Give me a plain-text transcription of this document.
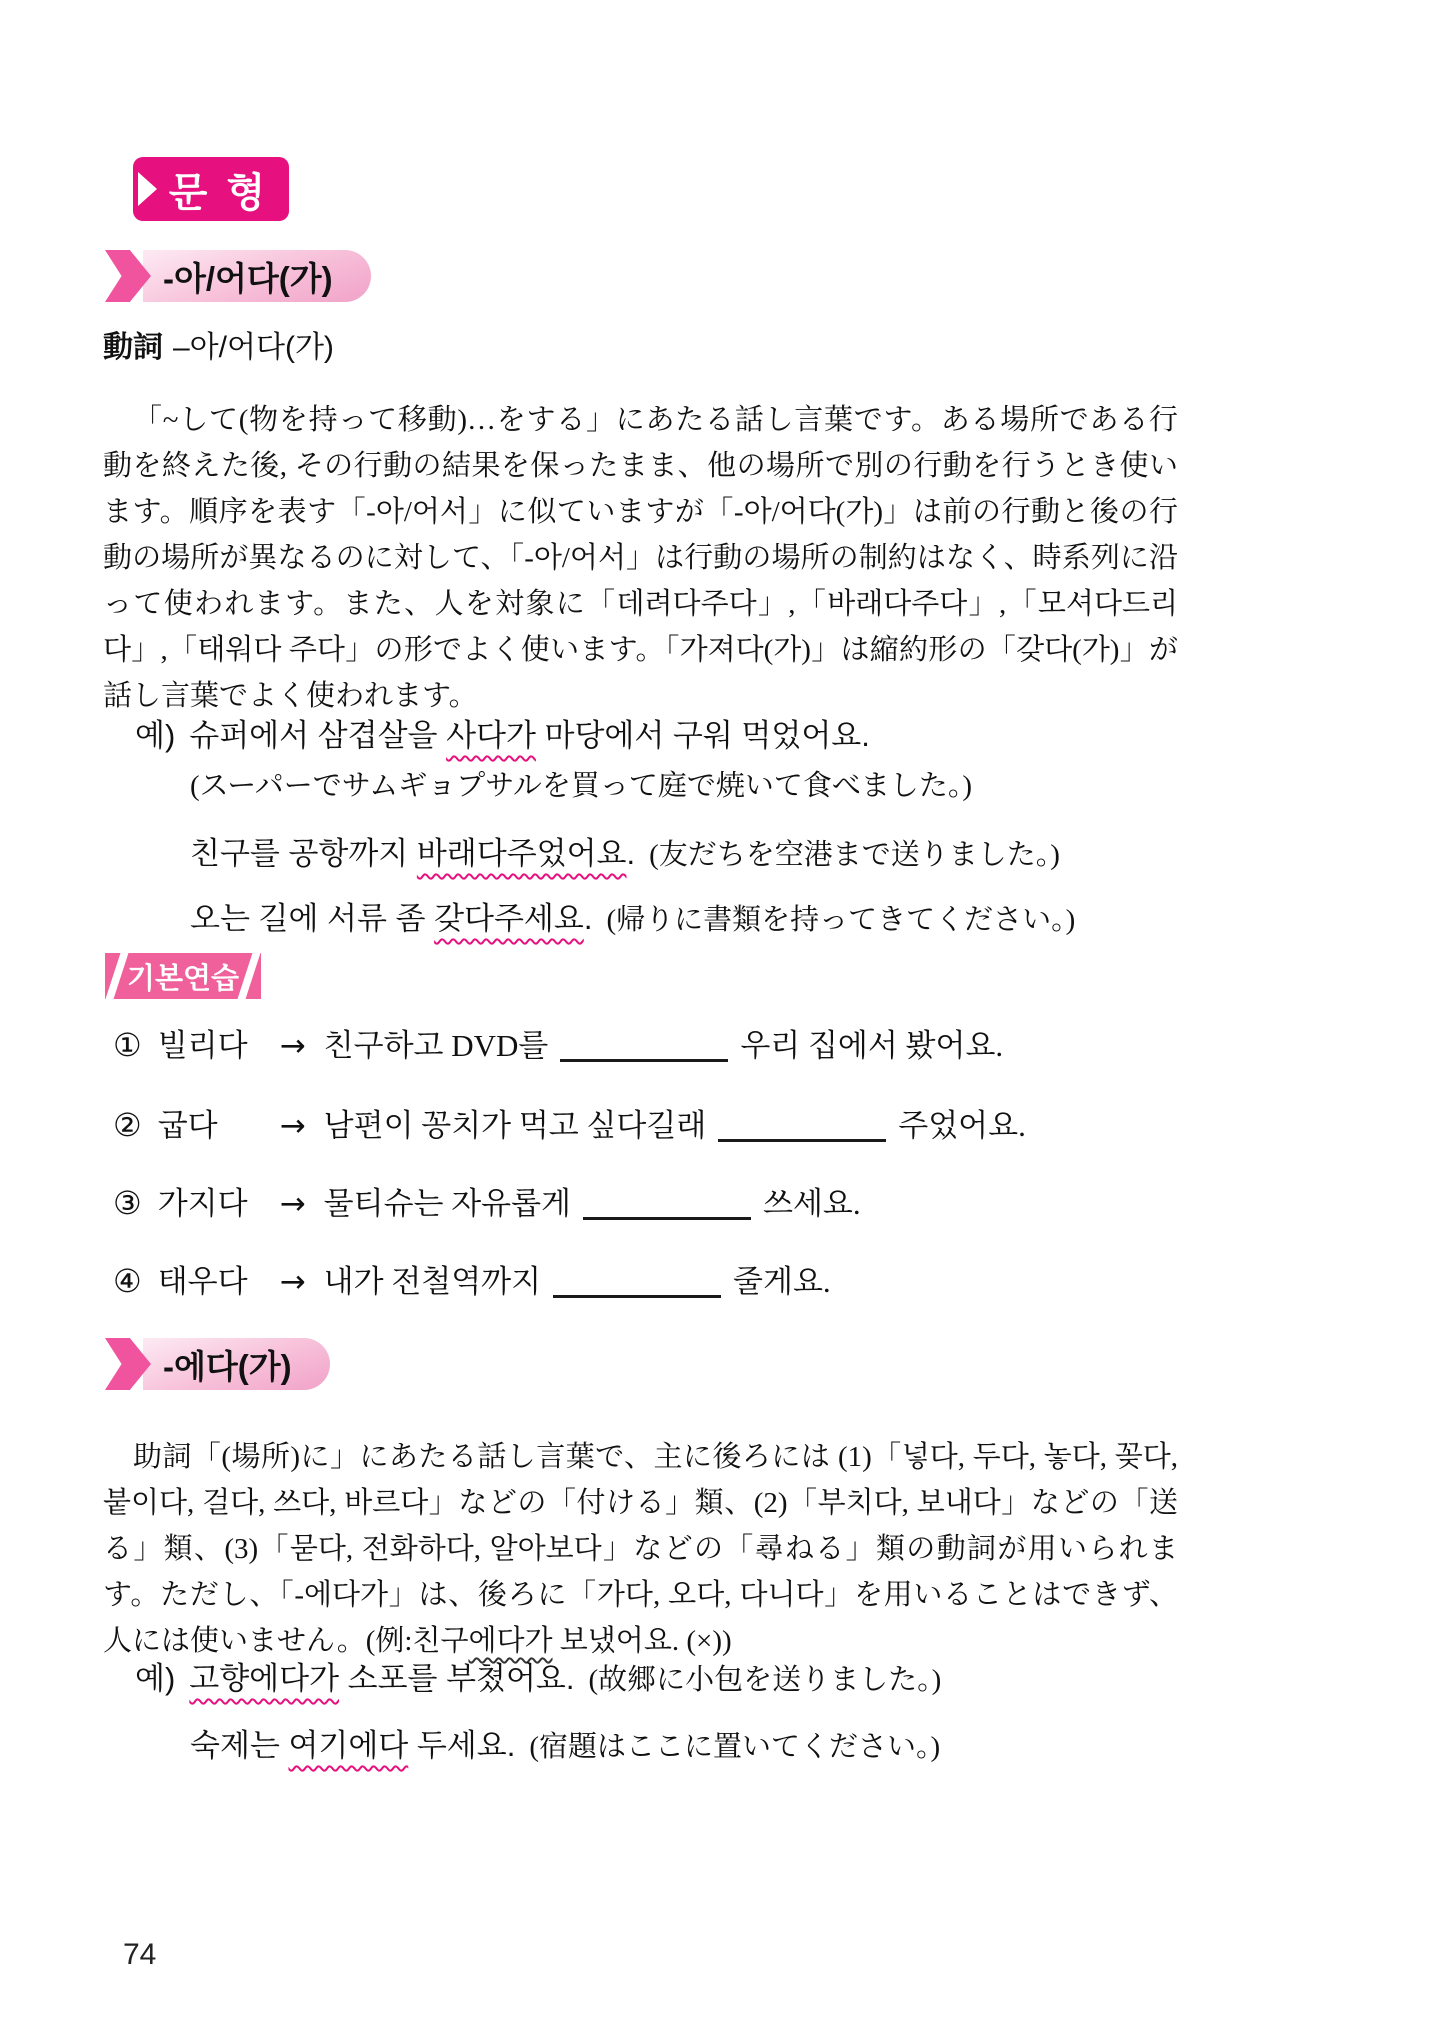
문 형
-아/어다(가)
動詞 –아/어다(가)

「~して(物を持って移動)…をする」にあたる話し言葉です。ある場所である行動を終えた後, その行動の結果を保ったまま、他の場所で別の行動を行うとき使います。順序を表す「-아/어서」に似ていますが「-아/어다(가)」は前の行動と後の行動の場所が異なるのに対して、「-아/어서」は行動の場所の制約はなく、時系列に沿って使われます。また、人を対象に「데려다주다」,「바래다주다」,「모셔다드리다」,「태워다 주다」の形でよく使います。「가져다(가)」は縮約形の「갖다(가)」が話し言葉でよく使われます。

예) 슈퍼에서 삼겹살을 사다가 마당에서 구워 먹었어요.
(スーパーでサムギョプサルを買って庭で焼いて食べました。)
친구를 공항까지 바래다주었어요. (友だちを空港まで送りました。)
오는 길에 서류 좀 갖다주세요. (帰りに書類を持ってきてください。)
기본연습
① 빌리다 → 친구하고 DVD를	우리 집에서 봤어요.
② 굽다 → 남편이 꽁치가 먹고 싶다길래	주었어요.
③ 가지다 → 물티슈는 자유롭게	쓰세요.
④ 태우다 → 내가 전철역까지	줄게요.
-에다(가)

助詞「(場所)に」にあたる話し言葉で、主に後ろには (1)「넣다, 두다, 놓다, 꽂다, 붙이다, 걸다, 쓰다, 바르다」などの「付ける」類、(2)「부치다, 보내다」などの「送る」類、(3)「묻다, 전화하다, 알아보다」などの「尋ねる」類の動詞が用いられます。ただし、「-에다가」は、後ろに「가다, 오다, 다니다」を用いることはできず、人には使いません。(例:친구에다가 보냈어요. (×))

예) 고향에다가 소포를 부쳤어요. (故郷に小包を送りました。)
숙제는 여기에다 두세요. (宿題はここに置いてください。)
74
